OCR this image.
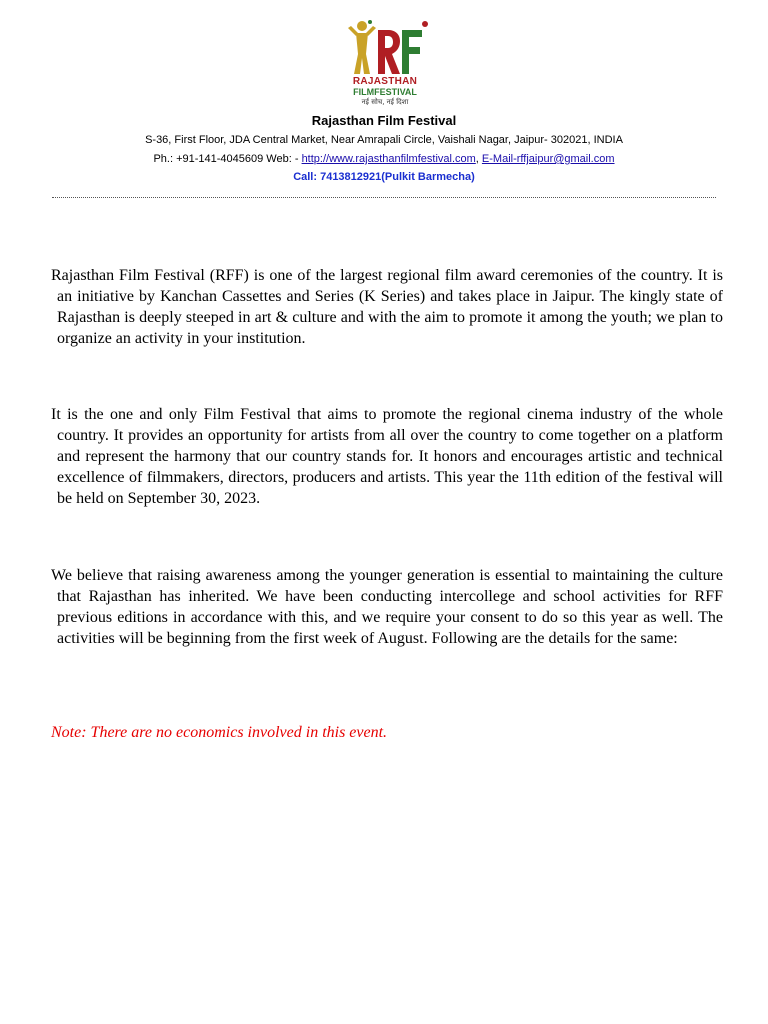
RAJASTHAN
FILMFESTIVAL
नई सोच, नई दिशा
Rajasthan Film Festival
S-36, First Floor, JDA Central Market, Near Amrapali Circle, Vaishali Nagar, Jaipur- 302021, INDIA
Ph.: +91-141-4045609 Web: - http://www.rajasthanfilmfestival.com, E-Mail-rffjaipur@gmail.com
Call: 7413812921(Pulkit Barmecha)

Rajasthan Film Festival (RFF) is one of the largest regional film award ceremonies of the country. It is an initiative by Kanchan Cassettes and Series (K Series) and takes place in Jaipur. The kingly state of Rajasthan is deeply steeped in art & culture and with the aim to promote it among the youth; we plan to organize an activity in your institution.

It is the one and only Film Festival that aims to promote the regional cinema industry of the whole country. It provides an opportunity for artists from all over the country to come together on a platform and represent the harmony that our country stands for. It honors and encourages artistic and technical excellence of filmmakers, directors, producers and artists. This year the 11th edition of the festival will be held on September 30, 2023.

We believe that raising awareness among the younger generation is essential to maintaining the culture that Rajasthan has inherited. We have been conducting intercollege and school activities for RFF previous editions in accordance with this, and we require your consent to do so this year as well. The activities will be beginning from the first week of August. Following are the details for the same:

Note: There are no economics involved in this event.
